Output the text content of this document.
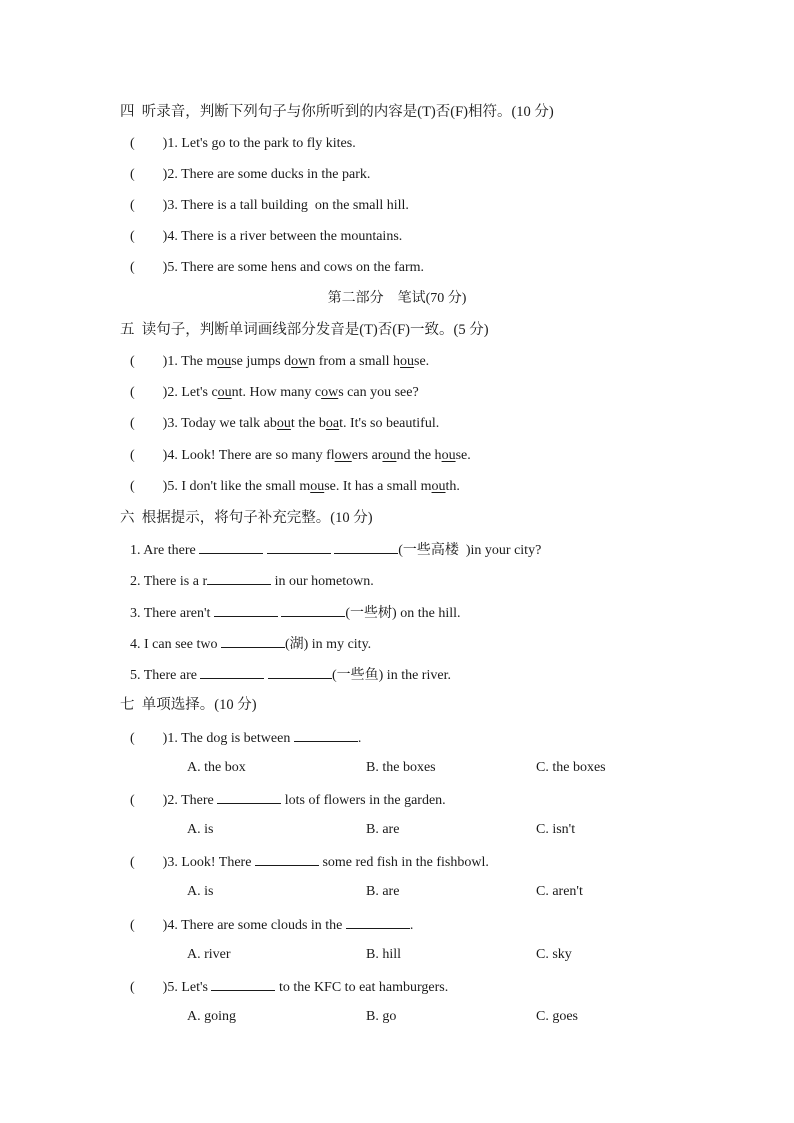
四  听录音，判断下列句子与你所听到的内容是(T)否(F)相符。(10 分)
(        )1. Let's go to the park to fly kites.
(        )2. There are some ducks in the park.
(        )3. There is a tall building  on the small hill.
(        )4. There is a river between the mountains.
(        )5. There are some hens and cows on the farm.
第二部分    笔试(70 分)
五  读句子，判断单词画线部分发音是(T)否(F)一致。(5 分)
(        )1. The mouse jumps down from a small house.
(        )2. Let's count. How many cows can you see?
(        )3. Today we talk about the boat. It's so beautiful.
(        )4. Look! There are so many flowers around the house.
(        )5. I don't like the small mouse. It has a small mouth.
六  根据提示，将句子补充完整。(10 分)
1. Are there	(一些高楼  )in your city?
2. There is a r	in our hometown.
3. There aren't	(一些树) on the hill.
4. I can see two	(湖) in my city.
5. There are	(一些鱼) in the river.
七  单项选择。(10 分)
(        )1. The dog is between	.
A. the box	B. the boxes	C. the boxes
(        )2. There	lots of flowers in the garden.
A. is	B. are	C. isn't
(        )3. Look! There	some red fish in the fishbowl.
A. is	B. are	C. aren't
(        )4. There are some clouds in the	.
A. river	B. hill	C. sky
(        )5. Let's	to the KFC to eat hamburgers.
A. going	B. go	C. goes
